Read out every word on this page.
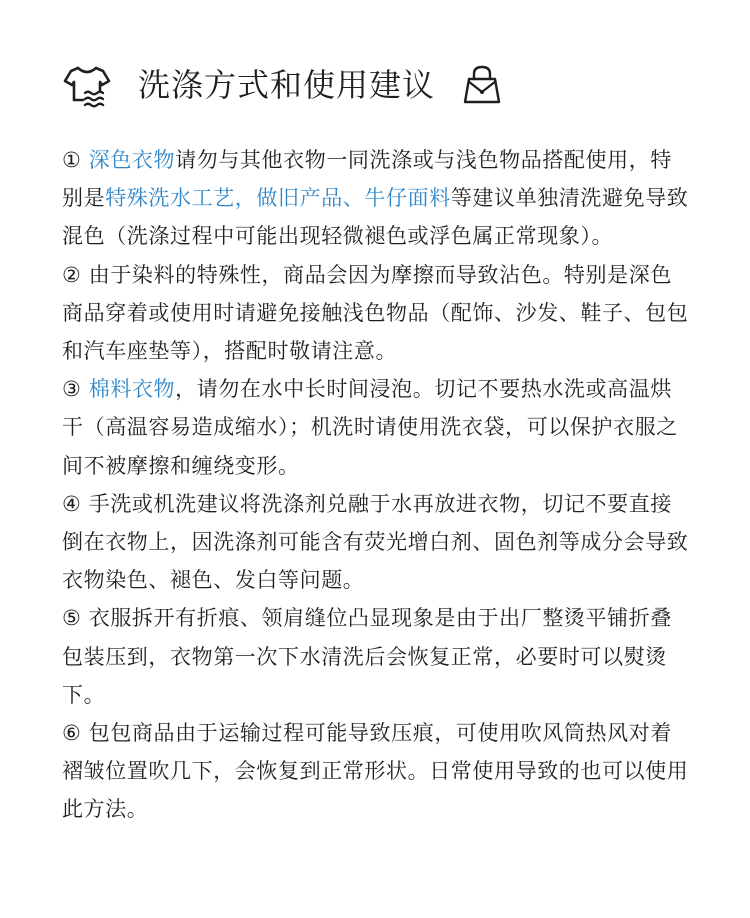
洗涤方式和使用建议

① 深色衣物请勿与其他衣物一同洗涤或与浅色物品搭配使用，特别是特殊洗水工艺，做旧产品、牛仔面料等建议单独清洗避免导致混色（洗涤过程中可能出现轻微褪色或浮色属正常现象）。

② 由于染料的特殊性，商品会因为摩擦而导致沾色。特别是深色商品穿着或使用时请避免接触浅色物品（配饰、沙发、鞋子、包包和汽车座垫等），搭配时敬请注意。

③ 棉料衣物，请勿在水中长时间浸泡。切记不要热水洗或高温烘干（高温容易造成缩水）；机洗时请使用洗衣袋，可以保护衣服之间不被摩擦和缠绕变形。

④ 手洗或机洗建议将洗涤剂兑融于水再放进衣物，切记不要直接倒在衣物上，因洗涤剂可能含有荧光增白剂、固色剂等成分会导致衣物染色、褪色、发白等问题。

⑤ 衣服拆开有折痕、领肩缝位凸显现象是由于出厂整烫平铺折叠包装压到，衣物第一次下水清洗后会恢复正常，必要时可以熨烫下。

⑥ 包包商品由于运输过程可能导致压痕，可使用吹风筒热风对着褶皱位置吹几下，会恢复到正常形状。日常使用导致的也可以使用此方法。
